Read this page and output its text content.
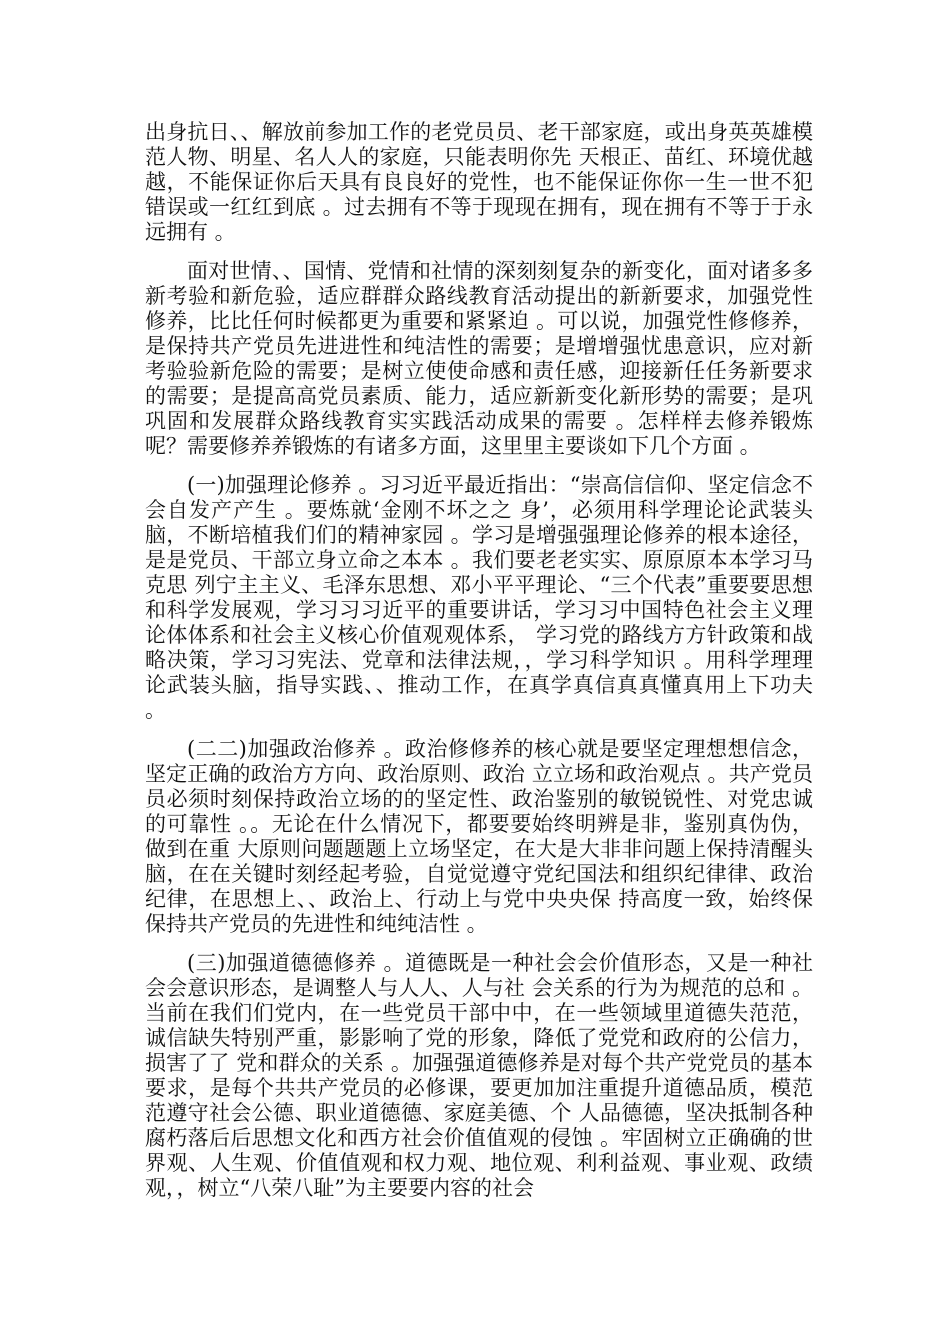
出身抗日、、解放前参加工作的老党员员、老干部家庭，或出身英英雄模范人物、明星、名人人的家庭，只能表明你先 天根正、苗红、环境优越越，不能保证你后天具有良良好的党性，也不能保证你你一生一世不犯错误或一红红到底 。过去拥有不等于现现在拥有，现在拥有不等于于永远拥有 。

面对世情、、国情、党情和社情的深刻刻复杂的新变化，面对诸多多新考验和新危验，适应群群众路线教育活动提出的新新要求，加强党性修养，比比任何时候都更为重要和紧紧迫 。可以说，加强党性修修养，是保持共产党员先进进性和纯洁性的需要；是增增强忧患意识，应对新考验验新危险的需要；是树立使使命感和责任感，迎接新任任务新要求的需要；是提高高党员素质、能力，适应新新变化新形势的需要；是巩巩固和发展群众路线教育实实践活动成果的需要 。怎样样去修养锻炼呢？需要修养养锻炼的有诸多方面，这里里主要谈如下几个方面 。

(一)加强理论修养 。习习近平最近指出：“崇高信信仰、坚定信念不会自发产产生 。要炼就‘金刚不坏之之 身’，必须用科学理论论武装头脑，不断培植我们们的精神家园 。学习是增强强理论修养的根本途径，是是党员、干部立身立命之本本 。我们要老老实实、原原原本本学习马克思 列宁主主义、毛泽东思想、邓小平平理论、“三个代表”重要要思想和科学发展观，学习习习近平的重要讲话，学习习中国特色社会主义理论体体系和社会主义核心价值观观体系， 学习党的路线方方针政策和战略决策，学习习宪法、党章和法律法规，，学习科学知识 。用科学理理论武装头脑，指导实践、、推动工作，在真学真信真真懂真用上下功夫 。

(二二)加强政治修养 。政治修修养的核心就是要坚定理想想信念，坚定正确的政治方方向、政治原则、政治 立立场和政治观点 。共产党员员必须时刻保持政治立场的的坚定性、政治鉴别的敏锐锐性、对党忠诚的可靠性 。。无论在什么情况下，都要要始终明辨是非，鉴别真伪伪，做到在重 大原则问题题题上立场坚定，在大是大非非问题上保持清醒头脑，在在关键时刻经起考验，自觉觉遵守党纪国法和组织纪律律、政治纪律，在思想上、、政治上、行动上与党中央央保 持高度一致，始终保保持共产党员的先进性和纯纯洁性 。

(三)加强道德德修养 。道德既是一种社会会价值形态，又是一种社会会意识形态，是调整人与人人、人与社 会关系的行为为规范的总和 。当前在我们们党内，在一些党员干部中中，在一些领域里道德失范范，诚信缺失特别严重，影影响了党的形象，降低了党党和政府的公信力，损害了了 党和群众的关系 。加强强道德修养是对每个共产党党员的基本要求，是每个共共产党员的必修课，要更加加注重提升道德品质，模范范遵守社会公德、职业道德德、家庭美德、个 人品德德，坚决抵制各种腐朽落后后思想文化和西方社会价值值观的侵蚀 。牢固树立正确确的世界观、人生观、价值值观和权力观、地位观、利利益观、事业观、政绩观，，树立“八荣八耻”为主要要内容的社会
